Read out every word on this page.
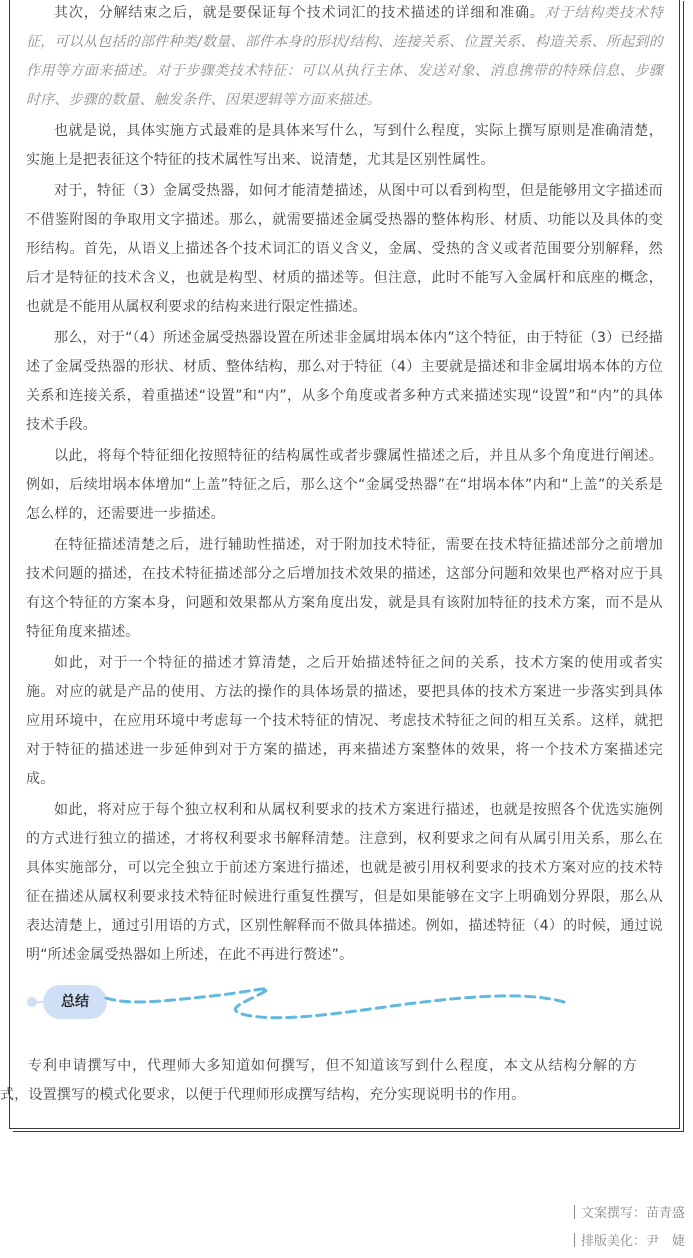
其次，分解结束之后，就是要保证每个技术词汇的技术描述的详细和准确。对于结构类技术特征，可以从包括的部件种类/数量、部件本身的形状/结构、连接关系、位置关系、构造关系、所起到的作用等方面来描述。对于步骤类技术特征：可以从执行主体、发送对象、消息携带的特殊信息、步骤时序、步骤的数量、触发条件、因果逻辑等方面来描述。

也就是说，具体实施方式最难的是具体来写什么，写到什么程度，实际上撰写原则是准确清楚，实施上是把表征这个特征的技术属性写出来、说清楚，尤其是区别性属性。

对于，特征（3）金属受热器，如何才能清楚描述，从图中可以看到构型，但是能够用文字描述而不借鉴附图的争取用文字描述。那么，就需要描述金属受热器的整体构形、材质、功能以及具体的变形结构。首先，从语义上描述各个技术词汇的语义含义，金属、受热的含义或者范围要分别解释，然后才是特征的技术含义，也就是构型、材质的描述等。但注意，此时不能写入金属杆和底座的概念，也就是不能用从属权利要求的结构来进行限定性描述。

那么，对于“（4）所述金属受热器设置在所述非金属坩埚本体内”这个特征，由于特征（3）已经描述了金属受热器的形状、材质、整体结构，那么对于特征（4）主要就是描述和非金属坩埚本体的方位关系和连接关系，着重描述“设置”和“内”，从多个角度或者多种方式来描述实现“设置”和“内”的具体技术手段。

以此，将每个特征细化按照特征的结构属性或者步骤属性描述之后，并且从多个角度进行阐述。例如，后续坩埚本体增加“上盖”特征之后，那么这个“金属受热器”在“坩埚本体”内和“上盖”的关系是怎么样的，还需要进一步描述。

在特征描述清楚之后，进行辅助性描述，对于附加技术特征，需要在技术特征描述部分之前增加技术问题的描述，在技术特征描述部分之后增加技术效果的描述，这部分问题和效果也严格对应于具有这个特征的方案本身，问题和效果都从方案角度出发，就是具有该附加特征的技术方案，而不是从特征角度来描述。

如此，对于一个特征的描述才算清楚，之后开始描述特征之间的关系，技术方案的使用或者实施。对应的就是产品的使用、方法的操作的具体场景的描述，要把具体的技术方案进一步落实到具体应用环境中，在应用环境中考虑每一个技术特征的情况、考虑技术特征之间的相互关系。这样，就把对于特征的描述进一步延伸到对于方案的描述，再来描述方案整体的效果，将一个技术方案描述完成。

如此，将对应于每个独立权利和从属权利要求的技术方案进行描述，也就是按照各个优选实施例的方式进行独立的描述，才将权利要求书解释清楚。注意到，权利要求之间有从属引用关系，那么在具体实施部分，可以完全独立于前述方案进行描述，也就是被引用权利要求的技术方案对应的技术特征在描述从属权利要求技术特征时候进行重复性撰写，但是如果能够在文字上明确划分界限，那么从表达清楚上，通过引用语的方式，区别性解释而不做具体描述。例如，描述特征（4）的时候，通过说明“所述金属受热器如上所述，在此不再进行赘述”。

总结

专利申请撰写中，代理师大多知道如何撰写，但不知道该写到什么程度，本文从结构分解的方式，设置撰写的模式化要求，以便于代理师形成撰写结构，充分实现说明书的作用。

文案撰写：苗青盛
排版美化：尹　婕
